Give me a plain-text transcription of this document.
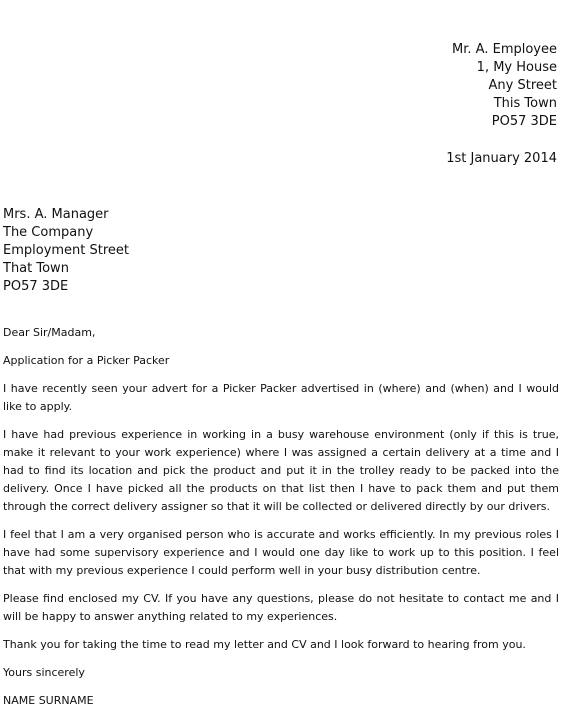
Mr. A. Employee
1, My House
Any Street
This Town
PO57 3DE
1st January 2014
Mrs. A. Manager
The Company
Employment Street
That Town
PO57 3DE

Dear Sir/Madam,

Application for a Picker Packer

I have recently seen your advert for a Picker Packer advertised in (where) and (when) and I would like to apply.

I have had previous experience in working in a busy warehouse environment (only if this is true, make it relevant to your work experience) where I was assigned a certain delivery at a time and I had to find its location and pick the product and put it in the trolley ready to be packed into the delivery. Once I have picked all the products on that list then I have to pack them and put them through the correct delivery assigner so that it will be collected or delivered directly by our drivers.

I feel that I am a very organised person who is accurate and works efficiently. In my previous roles I have had some supervisory experience and I would one day like to work up to this position. I feel that with my previous experience I could perform well in your busy distribution centre.

Please find enclosed my CV. If you have any questions, please do not hesitate to contact me and I will be happy to answer anything related to my experiences.

Thank you for taking the time to read my letter and CV and I look forward to hearing from you.

Yours sincerely

NAME SURNAME
